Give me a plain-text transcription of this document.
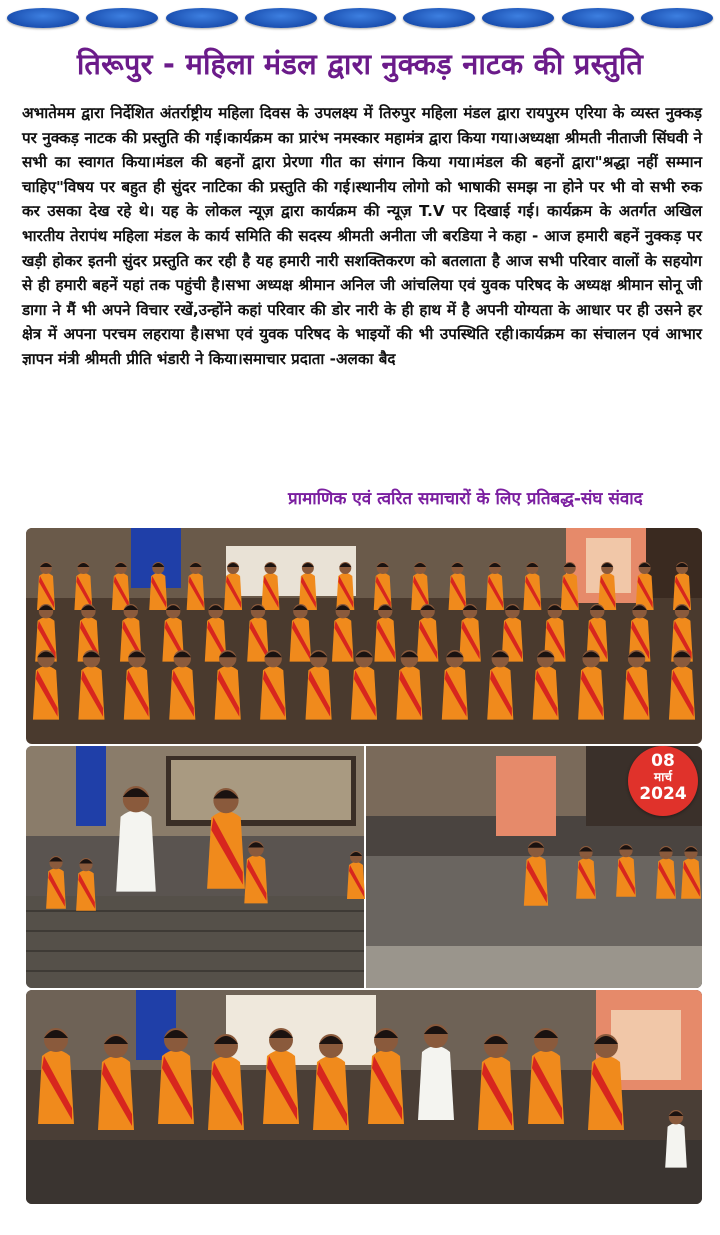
तिरूपुर - महिला मंडल द्वारा नुक्कड़ नाटक की प्रस्तुति
अभातेमम द्वारा निर्देशित अंतर्राष्ट्रीय महिला दिवस के उपलक्ष्य में तिरुपुर महिला मंडल द्वारा रायपुरम एरिया के व्यस्त नुक्कड़ पर नुक्कड़ नाटक की प्रस्तुति की गई।कार्यक्रम का प्रारंभ नमस्कार महामंत्र द्वारा किया गया।अध्यक्षा श्रीमती नीताजी सिंघवी ने सभी का स्वागत किया।मंडल की बहनों द्वारा प्रेरणा गीत का संगान किया गया।मंडल की बहनों द्वारा"श्रद्धा नहीं सम्मान चाहिए"विषय पर बहुत ही सुंदर नाटिका की प्रस्तुति की गई।स्थानीय लोगो को भाषाकी समझ ना होने पर भी वो सभी रुक कर उसका देख रहे थे। यह के लोकल न्यूज़ द्वारा कार्यक्रम की न्यूज़ T.V पर दिखाई गई। कार्यक्रम के अतर्गत अखिल भारतीय तेरापंथ महिला मंडल के कार्य समिति की सदस्य श्रीमती अनीता जी बरडिया ने कहा - आज हमारी बहनें नुक्कड़ पर खड़ी होकर इतनी सुंदर प्रस्तुति कर रही है यह हमारी नारी सशक्तिकरण को बतलाता है आज सभी परिवार वालों के सहयोग से ही हमारी बहनें यहां तक पहुंची है।सभा अध्यक्ष श्रीमान अनिल जी आंचलिया एवं युवक परिषद के अध्यक्ष श्रीमान सोनू जी डागा ने मैं भी अपने विचार रखें,उन्होंने कहां परिवार की डोर नारी के ही हाथ में है अपनी योग्यता के आधार पर ही उसने हर क्षेत्र में अपना परचम लहराया है।सभा एवं युवक परिषद के भाइयों की भी उपस्थिति रही।कार्यक्रम का संचालन एवं आभार ज्ञापन मंत्री श्रीमती प्रीति भंडारी ने किया।समाचार प्रदाता -अलका बैद
प्रामाणिक एवं त्वरित समाचारों के लिए प्रतिबद्ध-संघ संवाद
08
मार्च
2024
